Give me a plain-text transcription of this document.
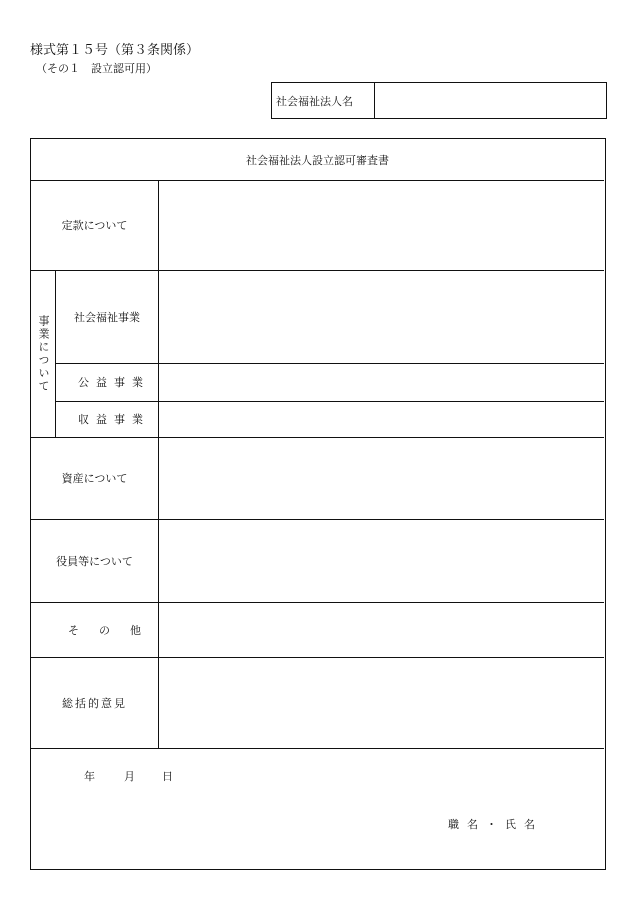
様式第１５号（第３条関係）
（その１　設立認可用）
社会福祉法人名
社会福祉法人設立認可審査書
定款について
事業について	社会福祉事業
公益事業
収益事業
資産について
役員等について
その他
総括的意見
年	月	日
職名・氏名
